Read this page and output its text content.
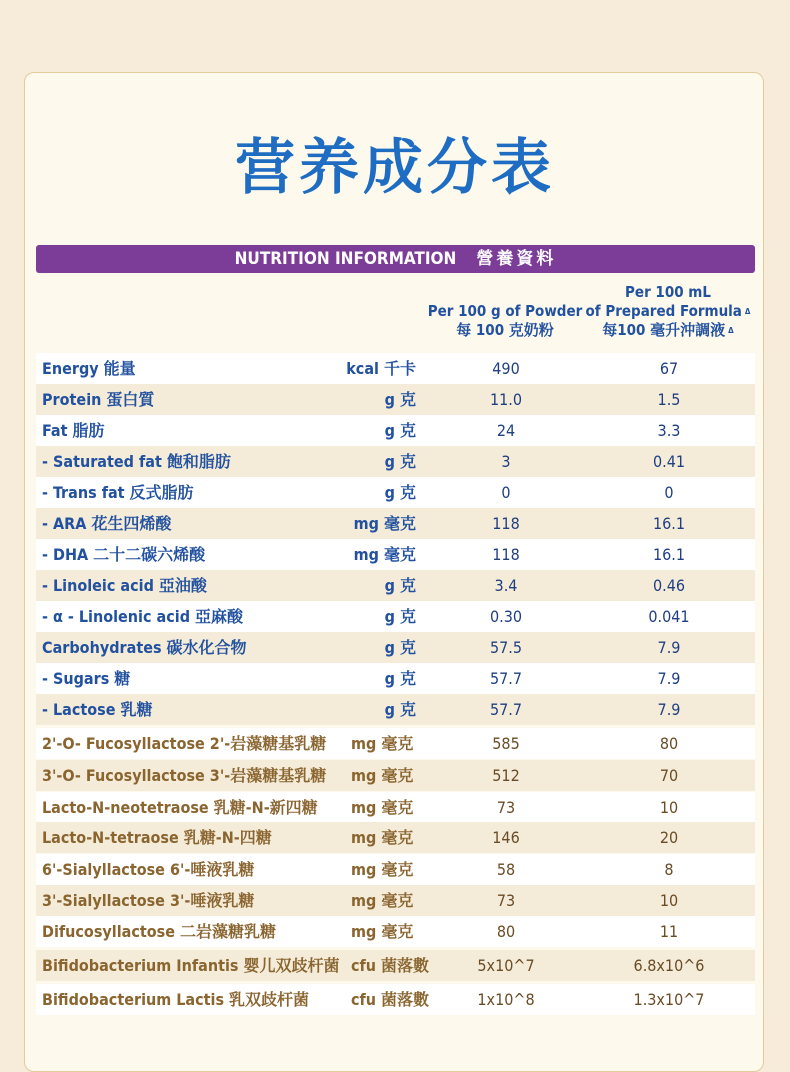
营养成分表
NUTRITION INFORMATION 營養資料
Per 100 g of Powder
每 100 克奶粉
Per 100 mL
of Prepared Formula $^\Delta$
每100 毫升沖調液 $^\Delta$
Energy 能量	kcal 千卡	490	67
Protein 蛋白質	g 克	11.0	1.5
Fat 脂肪	g 克	24	3.3
- Saturated fat 飽和脂肪	g 克	3	0.41
- Trans fat 反式脂肪	g 克	0	0
- ARA 花生四烯酸	mg 毫克	118	16.1
- DHA 二十二碳六烯酸	mg 毫克	118	16.1
- Linoleic acid 亞油酸	g 克	3.4	0.46
- α - Linolenic acid 亞麻酸	g 克	0.30	0.041
Carbohydrates 碳水化合物	g 克	57.5	7.9
- Sugars 糖	g 克	57.7	7.9
- Lactose 乳糖	g 克	57.7	7.9
2'-O- Fucosyllactose 2'-岩藻糖基乳糖 mg 毫克	585	80
3'-O- Fucosyllactose 3'-岩藻糖基乳糖 mg 毫克	512	70
Lacto-N-neotetraose 乳糖-N-新四糖 mg 毫克	73	10
Lacto-N-tetraose 乳糖-N-四糖	mg 毫克	146	20
6'-Sialyllactose 6'-唾液乳糖	mg 毫克	58	8
3'-Sialyllactose 3'-唾液乳糖	mg 毫克	73	10
Difucosyllactose 二岩藻糖乳糖	mg 毫克	80	11
Bifidobacterium Infantis 婴儿双歧杆菌 cfu 菌落數	5x10^7	6.8x10^6
Bifidobacterium Lactis 乳双歧杆菌	cfu 菌落數	1x10^8	1.3x10^7
